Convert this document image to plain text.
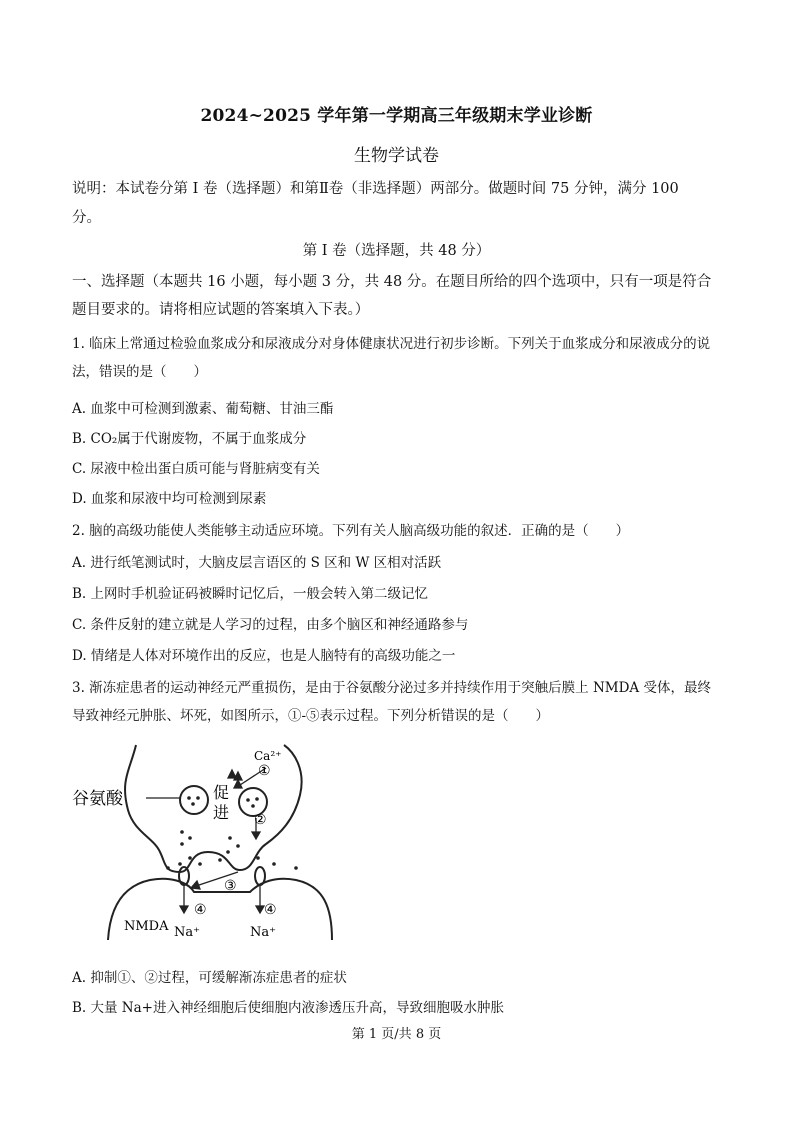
2024~2025 学年第一学期高三年级期末学业诊断
生物学试卷
说明：本试卷分第 I 卷（选择题）和第Ⅱ卷（非选择题）两部分。做题时间 75 分钟，满分 100
分。
第 I 卷（选择题，共 48 分）
一、选择题（本题共 16 小题，每小题 3 分，共 48 分。在题目所给的四个选项中，只有一项是符合题目要求的。请将相应试题的答案填入下表。）
1. 临床上常通过检验血浆成分和尿液成分对身体健康状况进行初步诊断。下列关于血浆成分和尿液成分的说法，错误的是（　　）
A. 血浆中可检测到激素、葡萄糖、甘油三酯
B. CO₂属于代谢废物，不属于血浆成分
C. 尿液中检出蛋白质可能与肾脏病变有关
D. 血浆和尿液中均可检测到尿素
2. 脑的高级功能使人类能够主动适应环境。下列有关人脑高级功能的叙述．正确的是（　　）
A. 进行纸笔测试时，大脑皮层言语区的 S 区和 W 区相对活跃
B. 上网时手机验证码被瞬时记忆后，一般会转入第二级记忆
C. 条件反射的建立就是人学习的过程，由多个脑区和神经通路参与
D. 情绪是人体对环境作出的反应，也是人脑特有的高级功能之一
3. 渐冻症患者的运动神经元严重损伤，是由于谷氨酸分泌过多并持续作用于突触后膜上 NMDA 受体，最终导致神经元肿胀、坏死，如图所示，①-⑤表示过程。下列分析错误的是（　　）
谷氨酸	促
进
Ca²⁺
①
②
③
④	④
NMDA Na⁺	Na⁺
A. 抑制①、②过程，可缓解渐冻症患者的症状
B. 大量 Na+进入神经细胞后使细胞内液渗透压升高，导致细胞吸水肿胀
第 1 页/共 8 页
